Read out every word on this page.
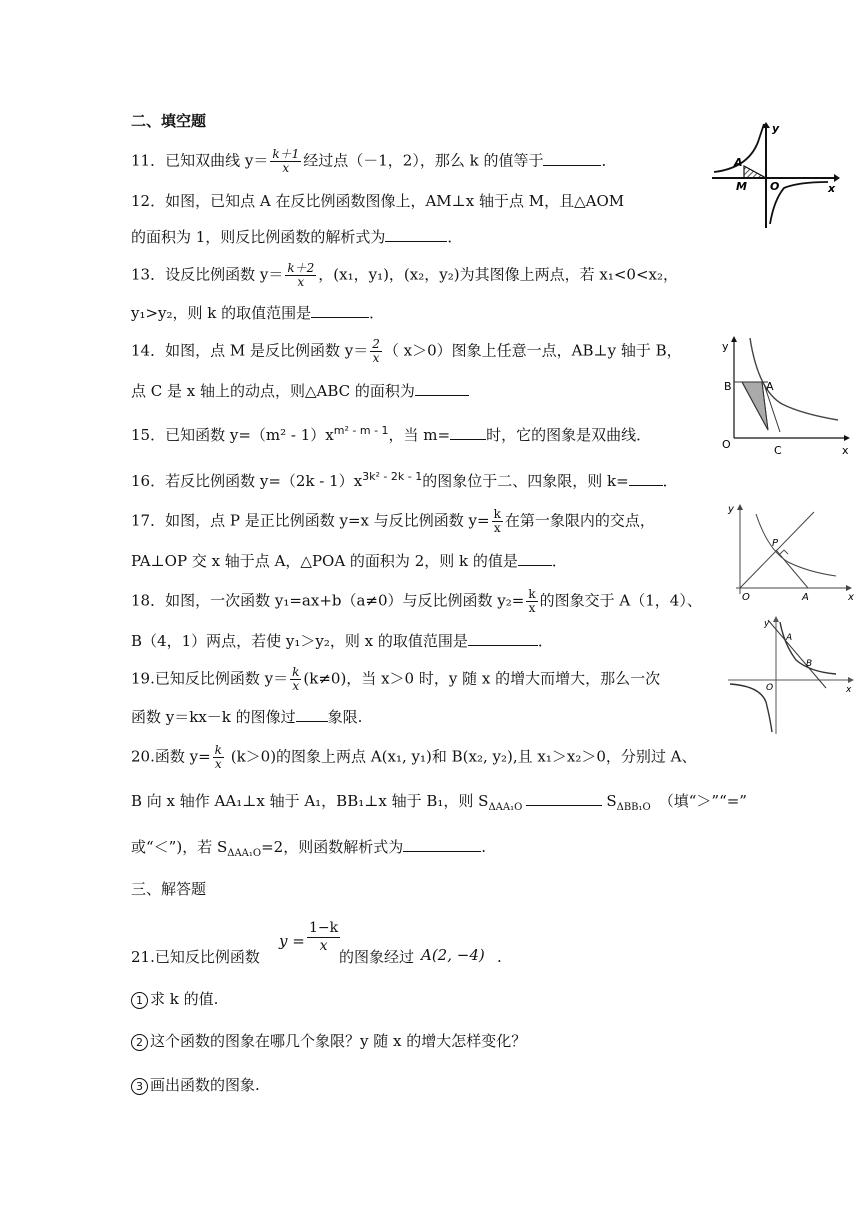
二、填空题
11．已知双曲线 $y= \frac{k+1}{x}$ 经过点（－1，2），那么 k 的值等于	．
12．如图，已知点 A 在反比例函数图像上，AM⊥x 轴于点 M，且△AOM
的面积为 1，则反比例函数的解析式为	．
13．设反比例函数 $y= \frac{k+2}{x}$ ，(x₁，y₁)，(x₂，y₂)为其图像上两点，若 x₁<0<x₂，
y₁>y₂，则 k 的取值范围是	．
14．如图，点 M 是反比例函数 $y= \frac{2}{x}$ （ x＞0）图象上任意一点，AB⊥y 轴于 B，
点 C 是 x 轴上的动点，则△ABC 的面积为
15．已知函数 $y=(m^2 - 1)x^{m^2 - m - 1}$，当 m= 时，它的图象是双曲线．
16．若反比例函数 $y=(2k - 1)x^{3k^2 - 2k - 1}$的图象位于二、四象限，则 k= ．
17．如图，点 P 是正比例函数 y=x 与反比例函数 $y= \frac{k}{x}$ 在第一象限内的交点，
PA⊥OP 交 x 轴于点 A，△POA 的面积为 2，则 k 的值是 ．
18．如图，一次函数 y₁=ax+b（a≠0）与反比例函数 $y_2= \frac{k}{x}$ 的图象交于 A（1，4）、
B（4，1）两点，若使 y₁＞y₂，则 x 的取值范围是	．
19.已知反比例函数 $y= \frac{k}{x} (k\ne 0)$，当 x＞0 时，y 随 x 的增大而增大，那么一次
函数 y＝kx－k 的图像过 象限.
20.函数 $y= \frac{k}{x} (k>0)$的图象上两点 A(x₁, y₁)和 B(x₂, y₂),且 x₁＞x₂＞0，分别过 A、
B 向 x 轴作 AA₁⊥x 轴于 A₁，BB₁⊥x 轴于 B₁，则 $S_{\Delta AA_1O}$	$S_{\Delta BB_1O}$ （填“＞”“=”
或“＜”)，若 $S_{\Delta AA_1O}=2$，则函数解析式为	.
三、解答题
21.已知反比例函数
$y = \frac{1-k}{x}$
的图象经过 A(2, −4) .
1 求 k 的值.
2 这个函数的图象在哪几个象限？y 随 x 的增大怎样变化？
3 画出函数的图象.
y
A
M O	x
y
B	A
O	C	x
y
P
O	A	x
y
A
B
O	x
